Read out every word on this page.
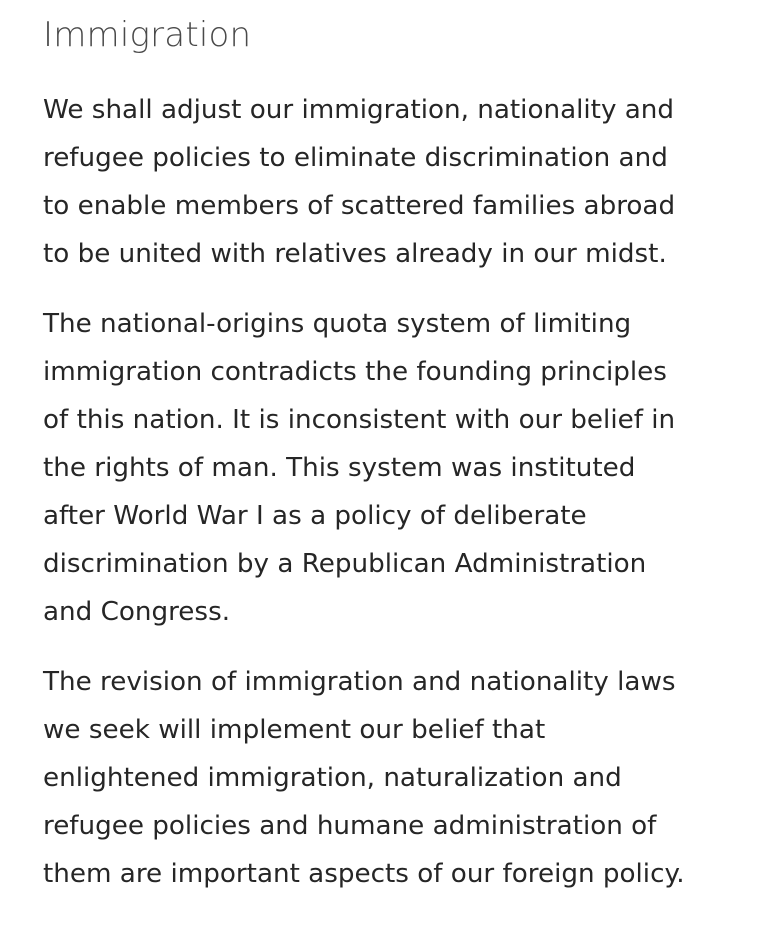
Immigration

We shall adjust our immigration, nationality and
refugee policies to eliminate discrimination and
to enable members of scattered families abroad
to be united with relatives already in our midst.

The national-origins quota system of limiting
immigration contradicts the founding principles
of this nation. It is inconsistent with our belief in
the rights of man. This system was instituted
after World War I as a policy of deliberate
discrimination by a Republican Administration
and Congress.

The revision of immigration and nationality laws
we seek will implement our belief that
enlightened immigration, naturalization and
refugee policies and humane administration of
them are important aspects of our foreign policy.
